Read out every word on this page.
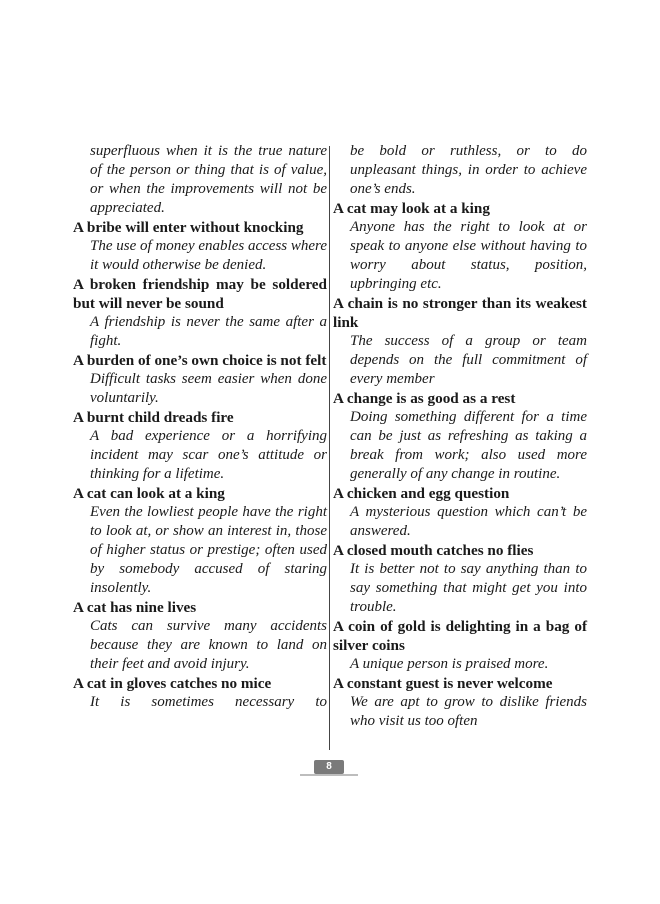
superfluous when it is the true nature of the person or thing that is of value, or when the improvements will not be appreciated.

A bribe will enter without knocking

The use of money enables access where it would otherwise be denied.

A broken friendship may be soldered but will never be sound

A friendship is never the same after a fight.

A burden of one’s own choice is not felt

Difficult tasks seem easier when done voluntarily.

A burnt child dreads fire

A bad experience or a horrifying incident may scar one’s attitude or thinking for a lifetime.

A cat can look at a king

Even the lowliest people have the right to look at, or show an interest in, those of higher status or prestige; often used by somebody accused of staring insolently.

A cat has nine lives

Cats can survive many accidents because they are known to land on their feet and avoid injury.

A cat in gloves catches no mice

It is sometimes necessary to

be bold or ruthless, or to do unpleasant things, in order to achieve one’s ends.

A cat may look at a king

Anyone has the right to look at or speak to anyone else without having to worry about status, position, upbringing etc.

A chain is no stronger than its weakest link

The success of a group or team depends on the full commitment of every member

A change is as good as a rest

Doing something different for a time can be just as refreshing as taking a break from work; also used more generally of any change in routine.

A chicken and egg question

A mysterious question which can’t be answered.

A closed mouth catches no flies

It is better not to say anything than to say something that might get you into trouble.

A coin of gold is delighting in a bag of silver coins

A unique person is praised more.

A constant guest is never welcome

We are apt to grow to dislike friends who visit us too often

8
